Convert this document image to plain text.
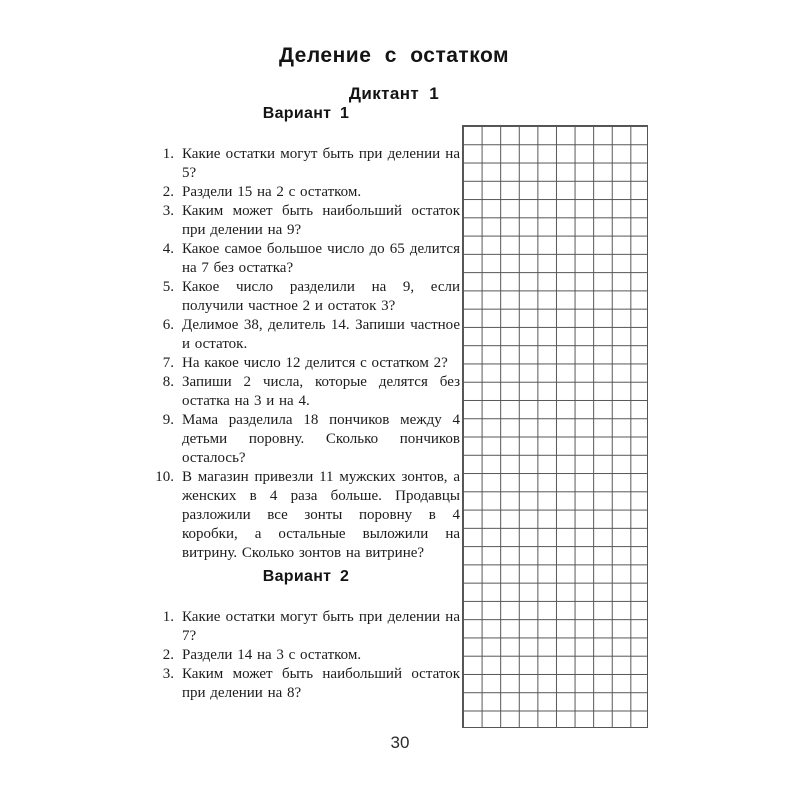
Деление с остатком
Диктант 1
Вариант 1
1. Какие остатки могут быть при делении на 5?
2. Раздели 15 на 2 с остатком.
3. Каким может быть наибольший остаток при делении на 9?
4. Какое самое большое число до 65 делится на 7 без остатка?
5. Какое число разделили на 9, если получили частное 2 и остаток 3?
6. Делимое 38, делитель 14. Запиши частное и остаток.
7. На какое число 12 делится с остатком 2?
8. Запиши 2 числа, которые делятся без остатка на 3 и на 4.
9. Мама разделила 18 пончиков между 4 детьми поровну. Сколько пончиков осталось?
10. В магазин привезли 11 мужских зонтов, а женских в 4 раза больше. Продавцы разложили все зонты поровну в 4 коробки, а остальные выложили на витрину. Сколько зонтов на витрине?
Вариант 2
1. Какие остатки могут быть при делении на 7?
2. Раздели 14 на 3 с остатком.
3. Каким может быть наибольший остаток при делении на 8?
30
